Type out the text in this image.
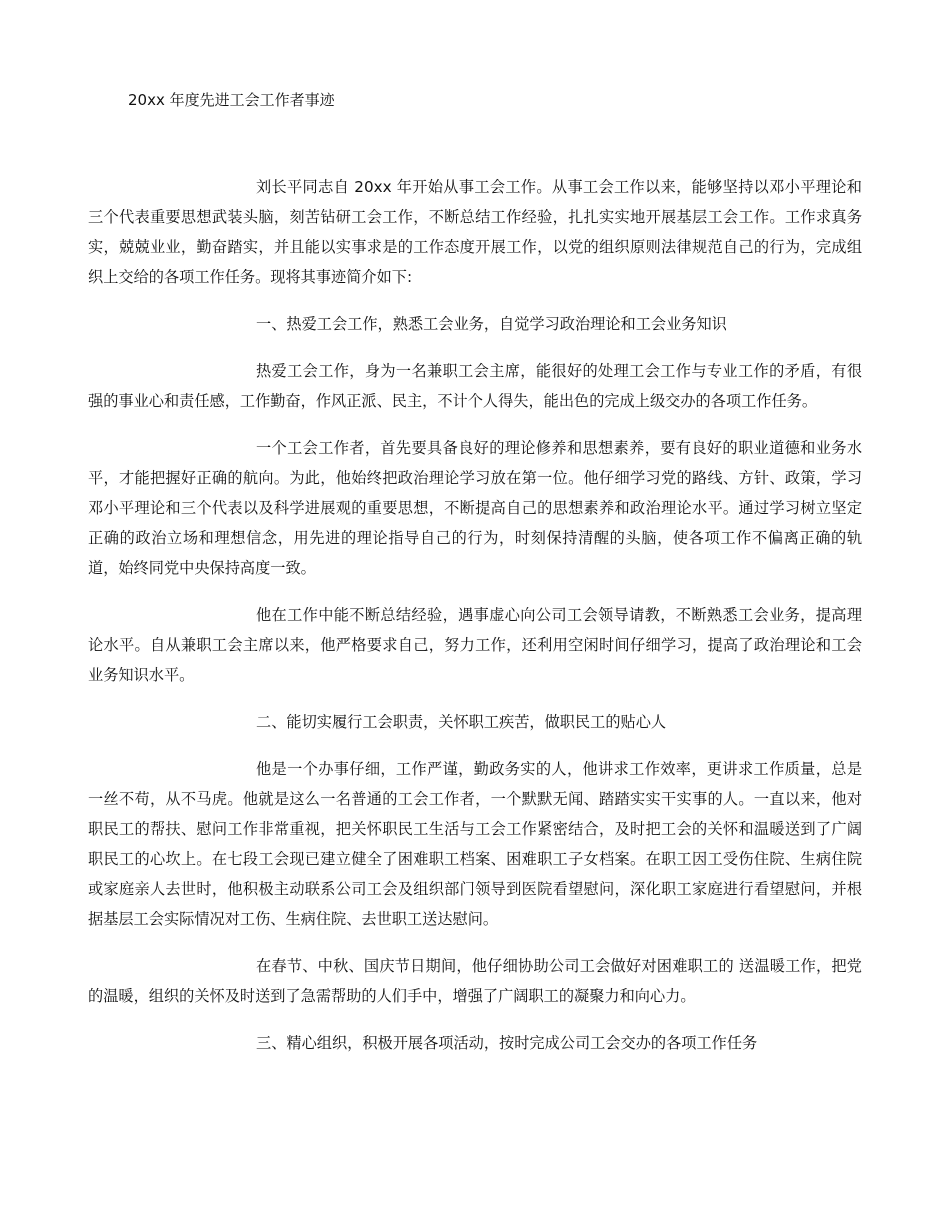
20xx 年度先进工会工作者事迹

刘长平同志自 20xx 年开始从事工会工作。从事工会工作以来，能够坚持以邓小平理论和三个代表重要思想武装头脑，刻苦钻研工会工作，不断总结工作经验，扎扎实实地开展基层工会工作。工作求真务实，兢兢业业，勤奋踏实，并且能以实事求是的工作态度开展工作，以党的组织原则法律规范自己的行为，完成组织上交给的各项工作任务。现将其事迹简介如下:

一、热爱工会工作，熟悉工会业务，自觉学习政治理论和工会业务知识

热爱工会工作，身为一名兼职工会主席，能很好的处理工会工作与专业工作的矛盾，有很强的事业心和责任感，工作勤奋，作风正派、民主，不计个人得失，能出色的完成上级交办的各项工作任务。

一个工会工作者，首先要具备良好的理论修养和思想素养，要有良好的职业道德和业务水平，才能把握好正确的航向。为此，他始终把政治理论学习放在第一位。他仔细学习党的路线、方针、政策，学习邓小平理论和三个代表以及科学进展观的重要思想，不断提高自己的思想素养和政治理论水平。通过学习树立坚定正确的政治立场和理想信念，用先进的理论指导自己的行为，时刻保持清醒的头脑，使各项工作不偏离正确的轨道，始终同党中央保持高度一致。

他在工作中能不断总结经验，遇事虚心向公司工会领导请教，不断熟悉工会业务，提高理论水平。自从兼职工会主席以来，他严格要求自己，努力工作，还利用空闲时间仔细学习，提高了政治理论和工会业务知识水平。

二、能切实履行工会职责，关怀职工疾苦，做职民工的贴心人

他是一个办事仔细，工作严谨，勤政务实的人，他讲求工作效率，更讲求工作质量，总是一丝不苟，从不马虎。他就是这么一名普通的工会工作者，一个默默无闻、踏踏实实干实事的人。一直以来，他对职民工的帮扶、慰问工作非常重视，把关怀职民工生活与工会工作紧密结合，及时把工会的关怀和温暖送到了广阔职民工的心坎上。在七段工会现已建立健全了困难职工档案、困难职工子女档案。在职工因工受伤住院、生病住院或家庭亲人去世时，他积极主动联系公司工会及组织部门领导到医院看望慰问，深化职工家庭进行看望慰问，并根据基层工会实际情况对工伤、生病住院、去世职工送达慰问。

在春节、中秋、国庆节日期间，他仔细协助公司工会做好对困难职工的 送温暖工作，把党的温暖，组织的关怀及时送到了急需帮助的人们手中，增强了广阔职工的凝聚力和向心力。

三、精心组织，积极开展各项活动，按时完成公司工会交办的各项工作任务
